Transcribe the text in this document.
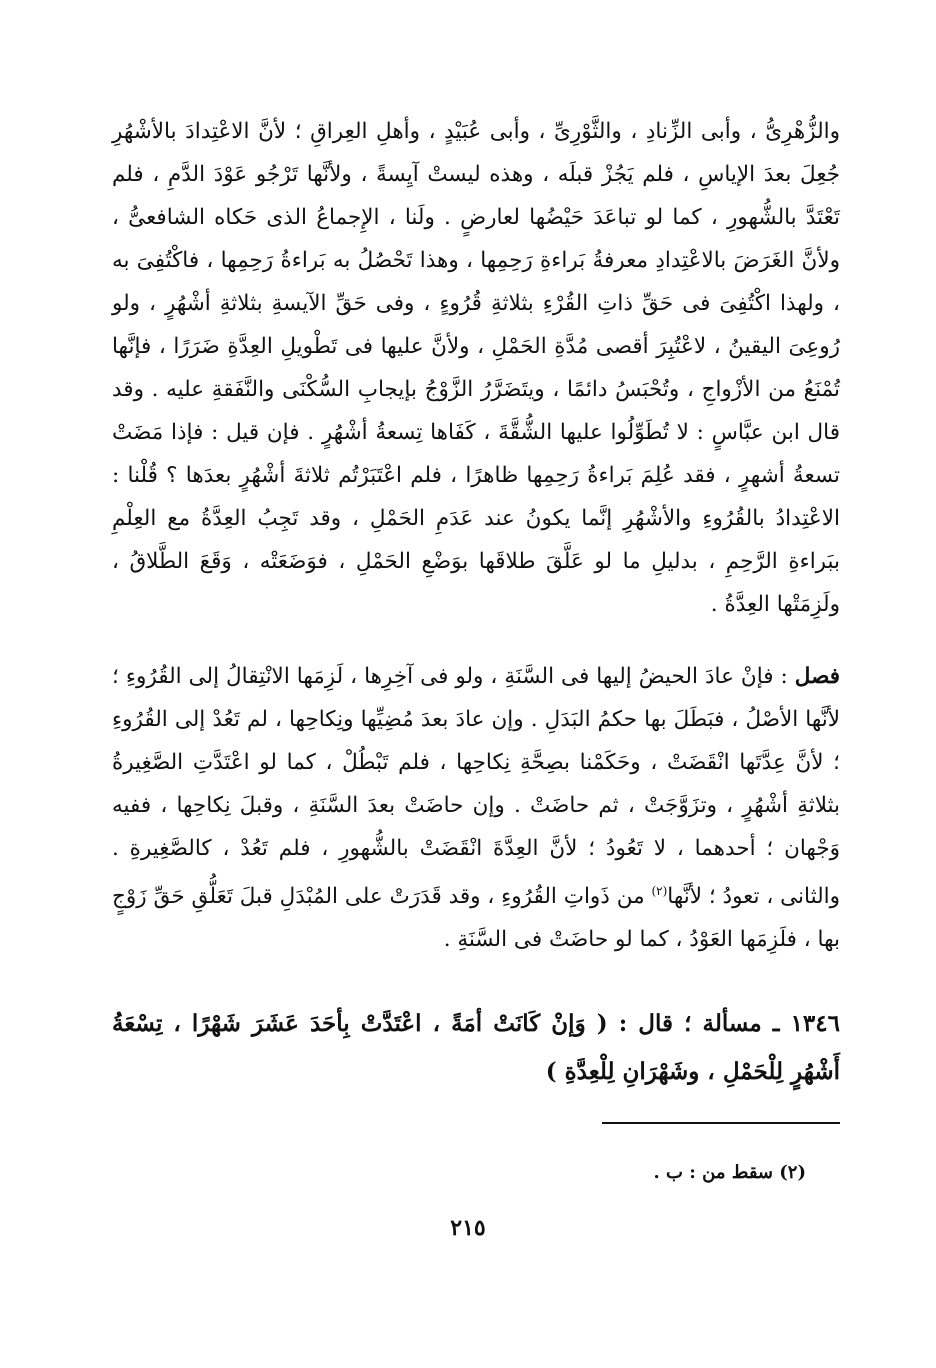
والزُّهْرِىُّ ، وأبى الزِّنادِ ، والثَّوْرِىِّ ، وأبى عُبَيْدٍ ، وأهلِ العِراقِ ؛ لأنَّ الاعْتِدادَ بالأشْهُرِ جُعِلَ بعدَ الإياسِ ، فلم يَجُزْ قبلَه ، وهذه ليستْ آيِسةً ، ولأنَّها تَرْجُو عَوْدَ الدَّمِ ، فلم تَعْتَدَّ بالشُّهورِ ، كما لو تباعَدَ حَيْضُها لعارضٍ . ولَنا ، الإِجماعُ الذى حَكاه الشافعىُّ ، ولأنَّ الغَرَضَ بالاعْتِدادِ معرفةُ بَراءةِ رَحِمِها ، وهذا تَحْصُلُ به بَراءةُ رَحِمِها ، فاكْتُفِىَ به ، ولهذا اكْتُفِىَ فى حَقِّ ذاتِ القُرْءِ بثلاثةِ قُرُوءٍ ، وفى حَقِّ الآيسةِ بثلاثةِ أشْهُرٍ ، ولو رُوعِىَ اليقينُ ، لاعْتُبِرَ أقصى مُدَّةِ الحَمْلِ ، ولأنَّ عليها فى تَطْويلِ العِدَّةِ ضَرَرًا ، فإنَّها تُمْنَعُ من الأزْواجِ ، وتُحْبَسُ دائمًا ، ويتَضَرَّرُ الزَّوْجُ بإيجابِ السُّكْنَى والنَّفَقةِ عليه . وقد قال ابن عبَّاسٍ : لا تُطَوِّلُوا عليها الشُّقَّةَ ، كَفَاها تِسعةُ أشْهُرٍ . فإن قيل : فإذا مَضَتْ تسعةُ أشهرٍ ، فقد عُلِمَ بَراءةُ رَحِمِها ظاهرًا ، فلم اعْتَبَرْتُم ثلاثةَ أشْهُرٍ بعدَها ؟ قُلْنا : الاعْتِدادُ بالقُرُوءِ والأشْهُرِ إنَّما يكونُ عند عَدَمِ الحَمْلِ ، وقد تَجِبُ العِدَّةُ مع العِلْمِ ببَراءةِ الرَّحِمِ ، بدليلِ ما لو عَلَّقَ طلاقَها بوَضْعِ الحَمْلِ ، فوَضَعَتْه ، وَقَعَ الطَّلاقُ ، ولَزِمَتْها العِدَّةُ .

فصل : فإنْ عادَ الحيضُ إليها فى السَّنَةِ ، ولو فى آخِرِها ، لَزِمَها الانْتِقالُ إلى القُرُوءِ ؛ لأنَّها الأصْلُ ، فبَطَلَ بها حكمُ البَدَلِ . وإن عادَ بعدَ مُضِيِّها ونِكاحِها ، لم تَعُدْ إلى القُرُوءِ ؛ لأنَّ عِدَّتَها انْقَضَتْ ، وحَكَمْنا بصِحَّةِ نِكاحِها ، فلم تَبْطُلْ ، كما لو اعْتَدَّتِ الصَّغِيرةُ بثلاثةِ أشْهُرٍ ، وتزَوَّجَتْ ، ثم حاضَتْ . وإن حاضَتْ بعدَ السَّنَةِ ، وقبلَ نِكاحِها ، ففيه وَجْهان ؛ أحدهما ، لا تَعُودُ ؛ لأنَّ العِدَّةَ انْقَضَتْ بالشُّهورِ ، فلم تَعُدْ ، كالصَّغِيرةِ . والثانى ، تعودُ ؛ لأنَّها$^{(٢)}$ من ذَواتِ القُرُوءِ ، وقد قَدَرَتْ على المُبْدَلِ قبلَ تَعَلُّقِ حَقِّ زَوْجٍ بها ، فلَزِمَها العَوْدُ ، كما لو حاضَتْ فى السَّنَةِ .

١٣٤٦ ـ مسألة ؛ قال : ( وَإنْ كَانَتْ أمَةً ، اعْتَدَّتْ بِأحَدَ عَشَرَ شَهْرًا ، تِسْعَةُ أَشْهُرٍ لِلْحَمْلِ ، وشَهْرَانِ لِلْعِدَّةِ )

(٢) سقط من : ب .
٢١٥
